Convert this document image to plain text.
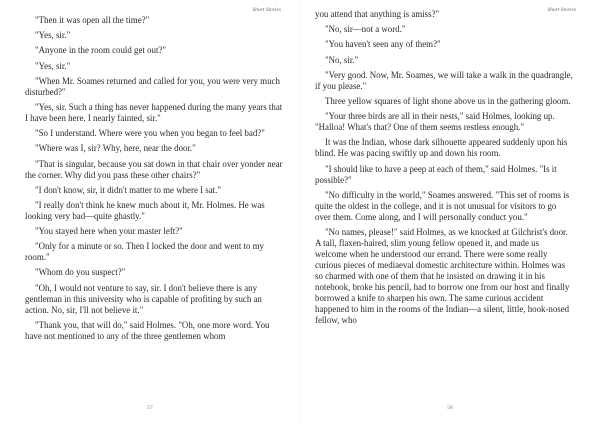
Short Stories

"Then it was open all the time?"

"Yes, sir."

"Anyone in the room could get out?"

"Yes, sir."

"When Mr. Soames returned and called for you, you were very much disturbed?"

"Yes, sir. Such a thing has never happened during the many years that I have been here. I nearly fainted, sir."

"So I understand. Where were you when you began to feel bad?"

"Where was I, sir? Why, here, near the door."

"That is singular, because you sat down in that chair over yonder near the corner. Why did you pass these other chairs?"

"I don't know, sir, it didn't matter to me where I sat."

"I really don't think he knew much about it, Mr. Holmes. He was looking very bad—quite ghastly."

"You stayed here when your master left?"

"Only for a minute or so. Then I locked the door and went to my room."

"Whom do you suspect?"

"Oh, I would not venture to say, sir. I don't believe there is any gentleman in this university who is capable of profiting by such an action. No, sir, I'll not believe it."

"Thank you, that will do," said Holmes. "Oh, one more word. You have not mentioned to any of the three gentlemen whom

57
Short Stories

you attend that anything is amiss?"

"No, sir—not a word."

"You haven't seen any of them?"

"No, sir."

"Very good. Now, Mr. Soames, we will take a walk in the quadrangle, if you please."

Three yellow squares of light shone above us in the gathering gloom.

"Your three birds are all in their nests," said Holmes, looking up. "Halloa! What's that? One of them seems restless enough."

It was the Indian, whose dark silhouette appeared suddenly upon his blind. He was pacing swiftly up and down his room.

"I should like to have a peep at each of them," said Holmes. "Is it possible?"

"No difficulty in the world," Soames answered. "This set of rooms is quite the oldest in the college, and it is not unusual for visitors to go over them. Come along, and I will personally conduct you."

"No names, please!" said Holmes, as we knocked at Gilchrist's door. A tall, flaxen-haired, slim young fellow opened it, and made us welcome when he understood our errand. There were some really curious pieces of mediaeval domestic architecture within. Holmes was so charmed with one of them that he insisted on drawing it in his notebook, broke his pencil, had to borrow one from our host and finally borrowed a knife to sharpen his own. The same curious accident happened to him in the rooms of the Indian—a silent, little, hook-nosed fellow, who

58
